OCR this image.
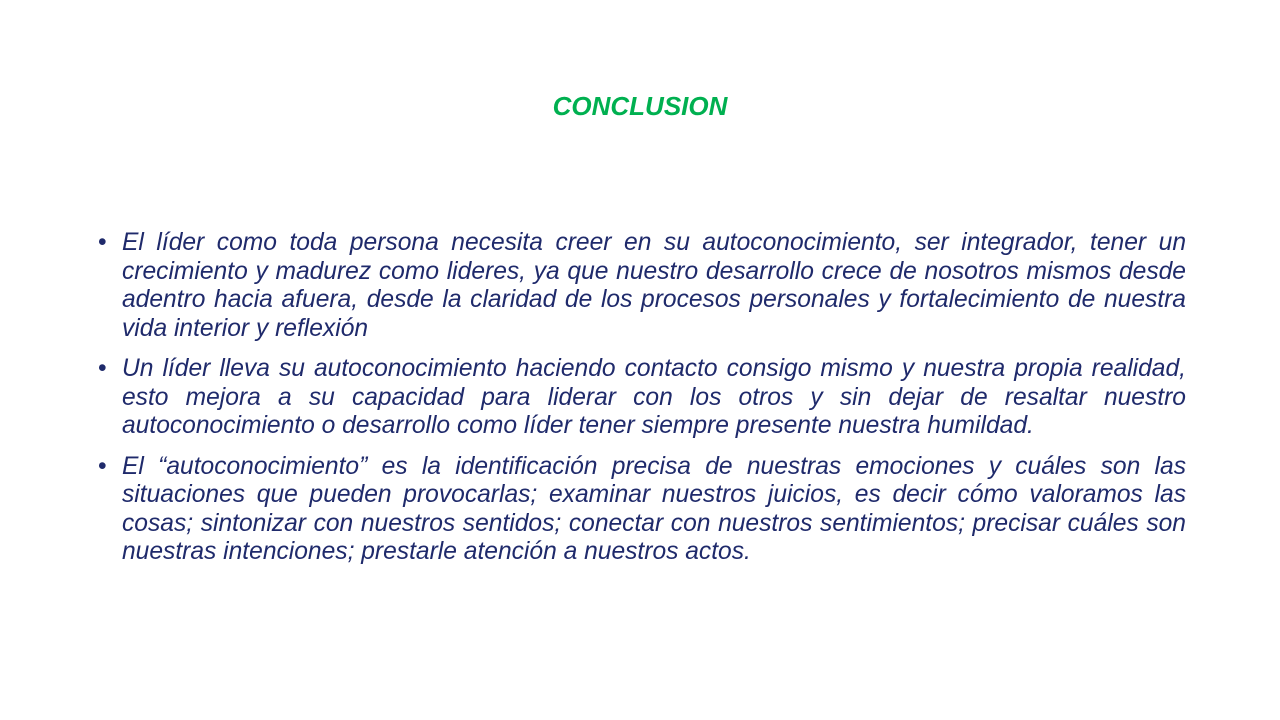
CONCLUSION
• El líder como toda persona necesita creer en su autoconocimiento, ser integrador, tener un crecimiento y madurez como lideres, ya que nuestro desarrollo crece de nosotros mismos desde adentro hacia afuera, desde la claridad de los procesos personales y fortalecimiento de nuestra vida interior y reflexión
• Un líder lleva su autoconocimiento haciendo contacto consigo mismo y nuestra propia realidad, esto mejora a su capacidad para liderar con los otros y sin dejar de resaltar nuestro autoconocimiento o desarrollo como líder tener siempre presente nuestra humildad.
• El “autoconocimiento” es la identificación precisa de nuestras emociones y cuáles son las situaciones que pueden provocarlas; examinar nuestros juicios, es decir cómo valoramos las cosas; sintonizar con nuestros sentidos; conectar con nuestros sentimientos; precisar cuáles son nuestras intenciones; prestarle atención a nuestros actos.
